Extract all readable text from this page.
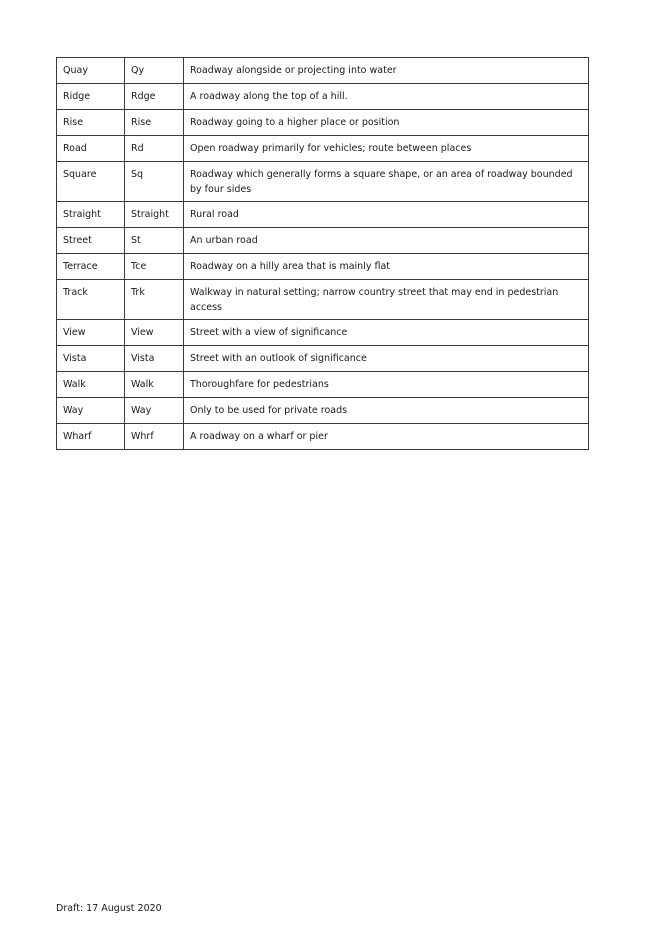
Quay	Qy	Roadway alongside or projecting into water
Ridge	Rdge	A roadway along the top of a hill.
Rise	Rise	Roadway going to a higher place or position
Road	Rd	Open roadway primarily for vehicles; route between places
Square	Sq	Roadway which generally forms a square shape, or an area of roadway bounded by four sides
Straight	Straight	Rural road
Street	St	An urban road
Terrace	Tce	Roadway on a hilly area that is mainly flat
Track	Trk	Walkway in natural setting; narrow country street that may end in pedestrian access
View	View	Street with a view of significance
Vista	Vista	Street with an outlook of significance
Walk	Walk	Thoroughfare for pedestrians
Way	Way	Only to be used for private roads
Wharf	Whrf	A roadway on a wharf or pier
Draft: 17 August 2020
